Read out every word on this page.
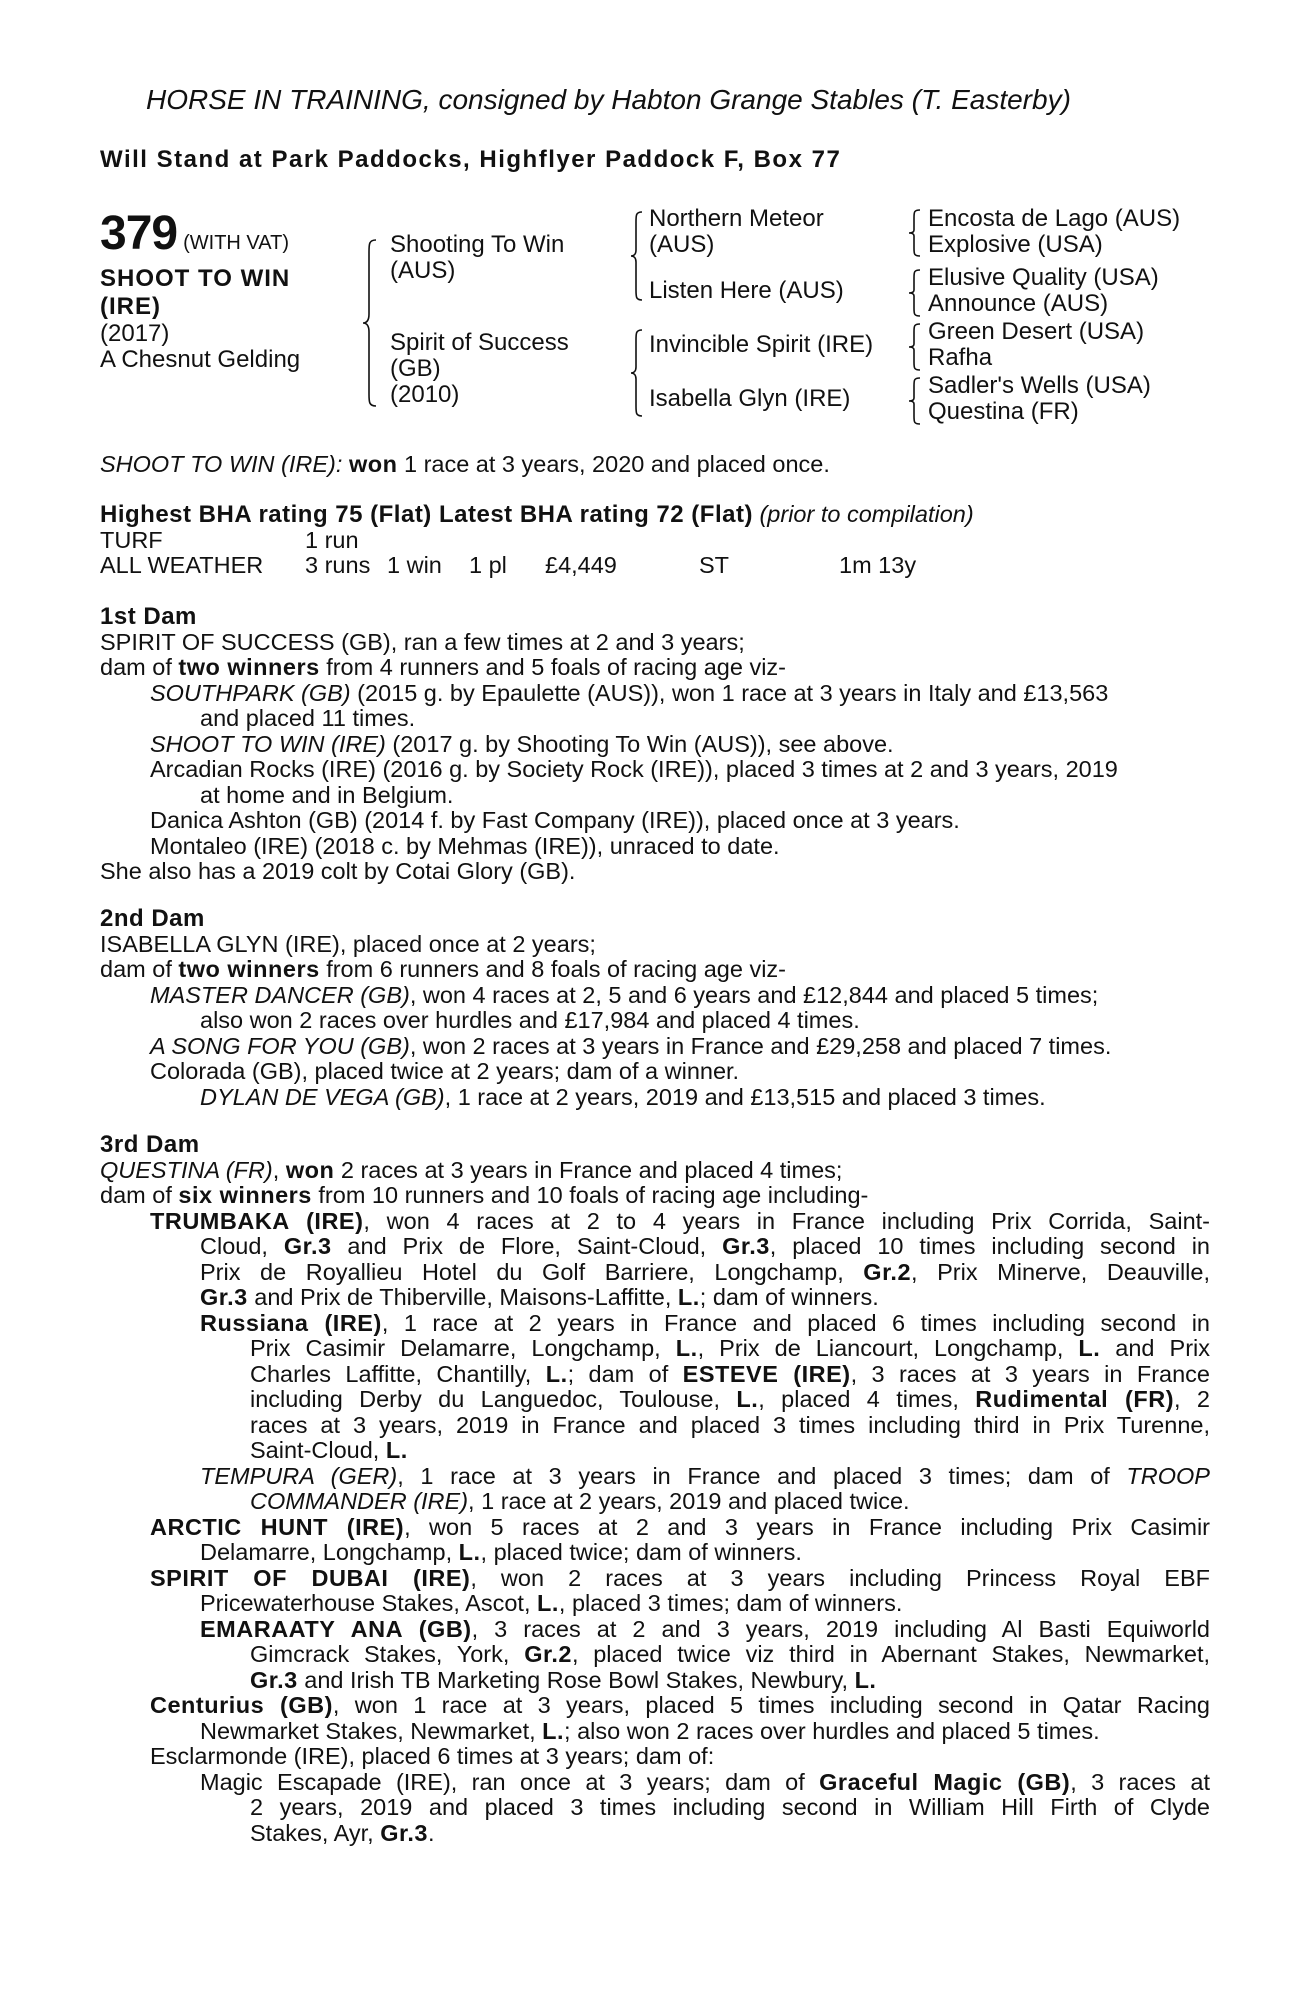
HORSE IN TRAINING, consigned by Habton Grange Stables (T. Easterby)
Will Stand at Park Paddocks, Highflyer Paddock F, Box 77
379 (WITH VAT)
SHOOT TO WIN
(IRE)
(2017)
A Chesnut Gelding
Shooting To Win
(AUS)
Spirit of Success
(GB)
(2010)
Northern Meteor
(AUS)
Listen Here (AUS)
Invincible Spirit (IRE)
Isabella Glyn (IRE)
Encosta de Lago (AUS)
Explosive (USA)
Elusive Quality (USA)
Announce (AUS)
Green Desert (USA)
Rafha
Sadler's Wells (USA)
Questina (FR)
SHOOT TO WIN (IRE): won 1 race at 3 years, 2020 and placed once.
Highest BHA rating 75 (Flat) Latest BHA rating 72 (Flat) (prior to compilation)
TURF	1 run
ALL WEATHER	3 runs 1 win	1 pl	£4,449	ST	1m 13y
1st Dam
SPIRIT OF SUCCESS (GB), ran a few times at 2 and 3 years;
dam of two winners from 4 runners and 5 foals of racing age viz-
SOUTHPARK (GB) (2015 g. by Epaulette (AUS)), won 1 race at 3 years in Italy and £13,563
and placed 11 times.
SHOOT TO WIN (IRE) (2017 g. by Shooting To Win (AUS)), see above.
Arcadian Rocks (IRE) (2016 g. by Society Rock (IRE)), placed 3 times at 2 and 3 years, 2019
at home and in Belgium.
Danica Ashton (GB) (2014 f. by Fast Company (IRE)), placed once at 3 years.
Montaleo (IRE) (2018 c. by Mehmas (IRE)), unraced to date.
She also has a 2019 colt by Cotai Glory (GB).
2nd Dam
ISABELLA GLYN (IRE), placed once at 2 years;
dam of two winners from 6 runners and 8 foals of racing age viz-
MASTER DANCER (GB), won 4 races at 2, 5 and 6 years and £12,844 and placed 5 times;
also won 2 races over hurdles and £17,984 and placed 4 times.
A SONG FOR YOU (GB), won 2 races at 3 years in France and £29,258 and placed 7 times.
Colorada (GB), placed twice at 2 years; dam of a winner.
DYLAN DE VEGA (GB), 1 race at 2 years, 2019 and £13,515 and placed 3 times.
3rd Dam
QUESTINA (FR), won 2 races at 3 years in France and placed 4 times;
dam of six winners from 10 runners and 10 foals of racing age including-
TRUMBAKA (IRE), won 4 races at 2 to 4 years in France including Prix Corrida, Saint-
Cloud, Gr.3 and Prix de Flore, Saint-Cloud, Gr.3, placed 10 times including second in
Prix de Royallieu Hotel du Golf Barriere, Longchamp, Gr.2, Prix Minerve, Deauville,
Gr.3 and Prix de Thiberville, Maisons-Laffitte, L.; dam of winners.
Russiana (IRE), 1 race at 2 years in France and placed 6 times including second in
Prix Casimir Delamarre, Longchamp, L., Prix de Liancourt, Longchamp, L. and Prix
Charles Laffitte, Chantilly, L.; dam of ESTEVE (IRE), 3 races at 3 years in France
including Derby du Languedoc, Toulouse, L., placed 4 times, Rudimental (FR), 2
races at 3 years, 2019 in France and placed 3 times including third in Prix Turenne,
Saint-Cloud, L.
TEMPURA (GER), 1 race at 3 years in France and placed 3 times; dam of TROOP
COMMANDER (IRE), 1 race at 2 years, 2019 and placed twice.
ARCTIC HUNT (IRE), won 5 races at 2 and 3 years in France including Prix Casimir
Delamarre, Longchamp, L., placed twice; dam of winners.
SPIRIT OF DUBAI (IRE), won 2 races at 3 years including Princess Royal EBF
Pricewaterhouse Stakes, Ascot, L., placed 3 times; dam of winners.
EMARAATY ANA (GB), 3 races at 2 and 3 years, 2019 including Al Basti Equiworld
Gimcrack Stakes, York, Gr.2, placed twice viz third in Abernant Stakes, Newmarket,
Gr.3 and Irish TB Marketing Rose Bowl Stakes, Newbury, L.
Centurius (GB), won 1 race at 3 years, placed 5 times including second in Qatar Racing
Newmarket Stakes, Newmarket, L.; also won 2 races over hurdles and placed 5 times.
Esclarmonde (IRE), placed 6 times at 3 years; dam of:
Magic Escapade (IRE), ran once at 3 years; dam of Graceful Magic (GB), 3 races at
2 years, 2019 and placed 3 times including second in William Hill Firth of Clyde
Stakes, Ayr, Gr.3.
